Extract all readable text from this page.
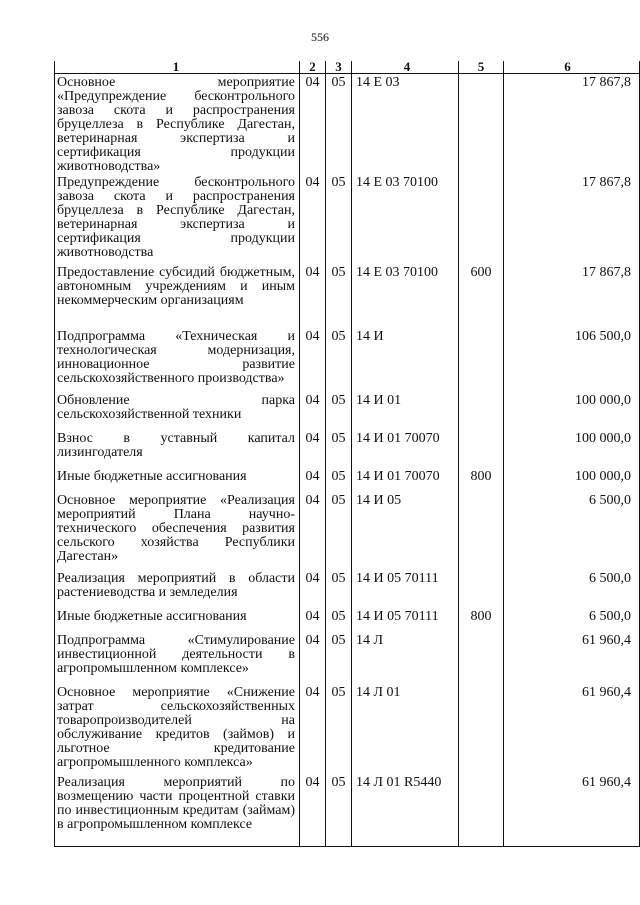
556
1	2	3	4	5	6

Основное мероприятие «Предупреждение бесконтрольного завоза скота и распространения бруцеллеза в Республике Дагестан, ветеринарная экспертиза и сертификация продукции животноводства»	04	05	14 Е 03		17 867,8

Предупреждение бесконтрольного завоза скота и распространения бруцеллеза в Республике Дагестан, ветеринарная экспертиза и сертификация продукции животноводства	04	05	14 Е 03 70100		17 867,8

Предоставление субсидий бюджетным, автономным учреждениям и иным некоммерческим организациям	04	05	14 Е 03 70100	600	17 867,8

Подпрограмма «Техническая и технологическая модернизация, инновационное развитие сельскохозяйственного производства»	04	05	14 И		106 500,0

Обновление парка сельскохозяйственной техники	04	05	14 И 01		100 000,0

Взнос в уставный капитал лизингодателя	04	05	14 И 01 70070		100 000,0

Иные бюджетные ассигнования	04	05	14 И 01 70070	800	100 000,0

Основное мероприятие «Реализация мероприятий Плана научно-технического обеспечения развития сельского хозяйства Республики Дагестан»	04	05	14 И 05		6 500,0

Реализация мероприятий в области растениеводства и земледелия	04	05	14 И 05 70111		6 500,0

Иные бюджетные ассигнования	04	05	14 И 05 70111	800	6 500,0

Подпрограмма «Стимулирование инвестиционной деятельности в агропромышленном комплексе»	04	05	14 Л		61 960,4

Основное мероприятие «Снижение затрат сельскохозяйственных товаропроизводителей на обслуживание кредитов (займов) и льготное кредитование агропромышленного комплекса»	04	05	14 Л 01		61 960,4

Реализация мероприятий по возмещению части процентной ставки по инвестиционным кредитам (займам) в агропромышленном комплексе	04	05	14 Л 01 R5440		61 960,4
